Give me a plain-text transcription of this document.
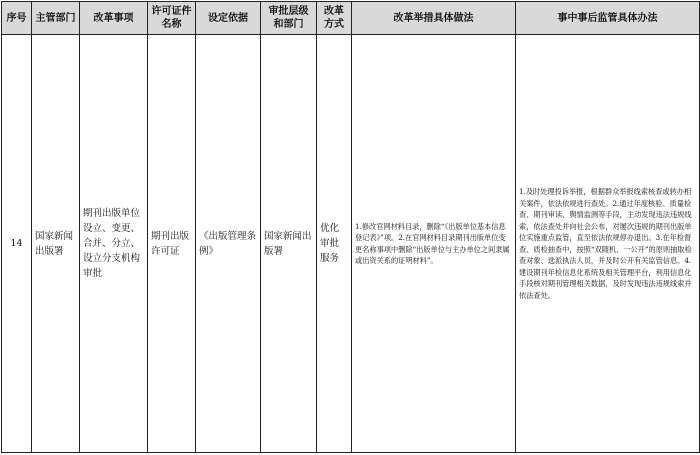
序号	主管部门	改革事项	许可证件名称	设定依据	审批层级和部门	改革方式	改革举措具体做法	事中事后监管具体办法

14	国家新闻出版署	期刊出版单位设立、变更、合并、分立、设立分支机构审批	期刊出版许可证	《出版管理条例》	国家新闻出版署	优化审批服务	1.修改官网材料目录，删除“《出版单位基本信息登记表》”项。2.在官网材料目录期刊出版单位变更名称事项中删除“出版单位与主办单位之间隶属或出资关系的证明材料”。	1.及时处理投诉举报，根据群众举报线索核查或转办相关案件，依法依规进行查处。2.通过年度核验、质量检查、期刊审读、舆情监测等手段，主动发现违法违规线索，依法查处并向社会公布，对屡次违规的期刊出版单位实施重点监管，直至依法依规停办退出。3.在年检督查、质检抽查中，按照“双随机、一公开”的原则抽取检查对象、选派执法人员，并及时公开有关监管信息。4.建设期刊年检信息化系统及相关管理平台，利用信息化手段核对期刊管理相关数据，及时发现违法违规线索并依法查处。
